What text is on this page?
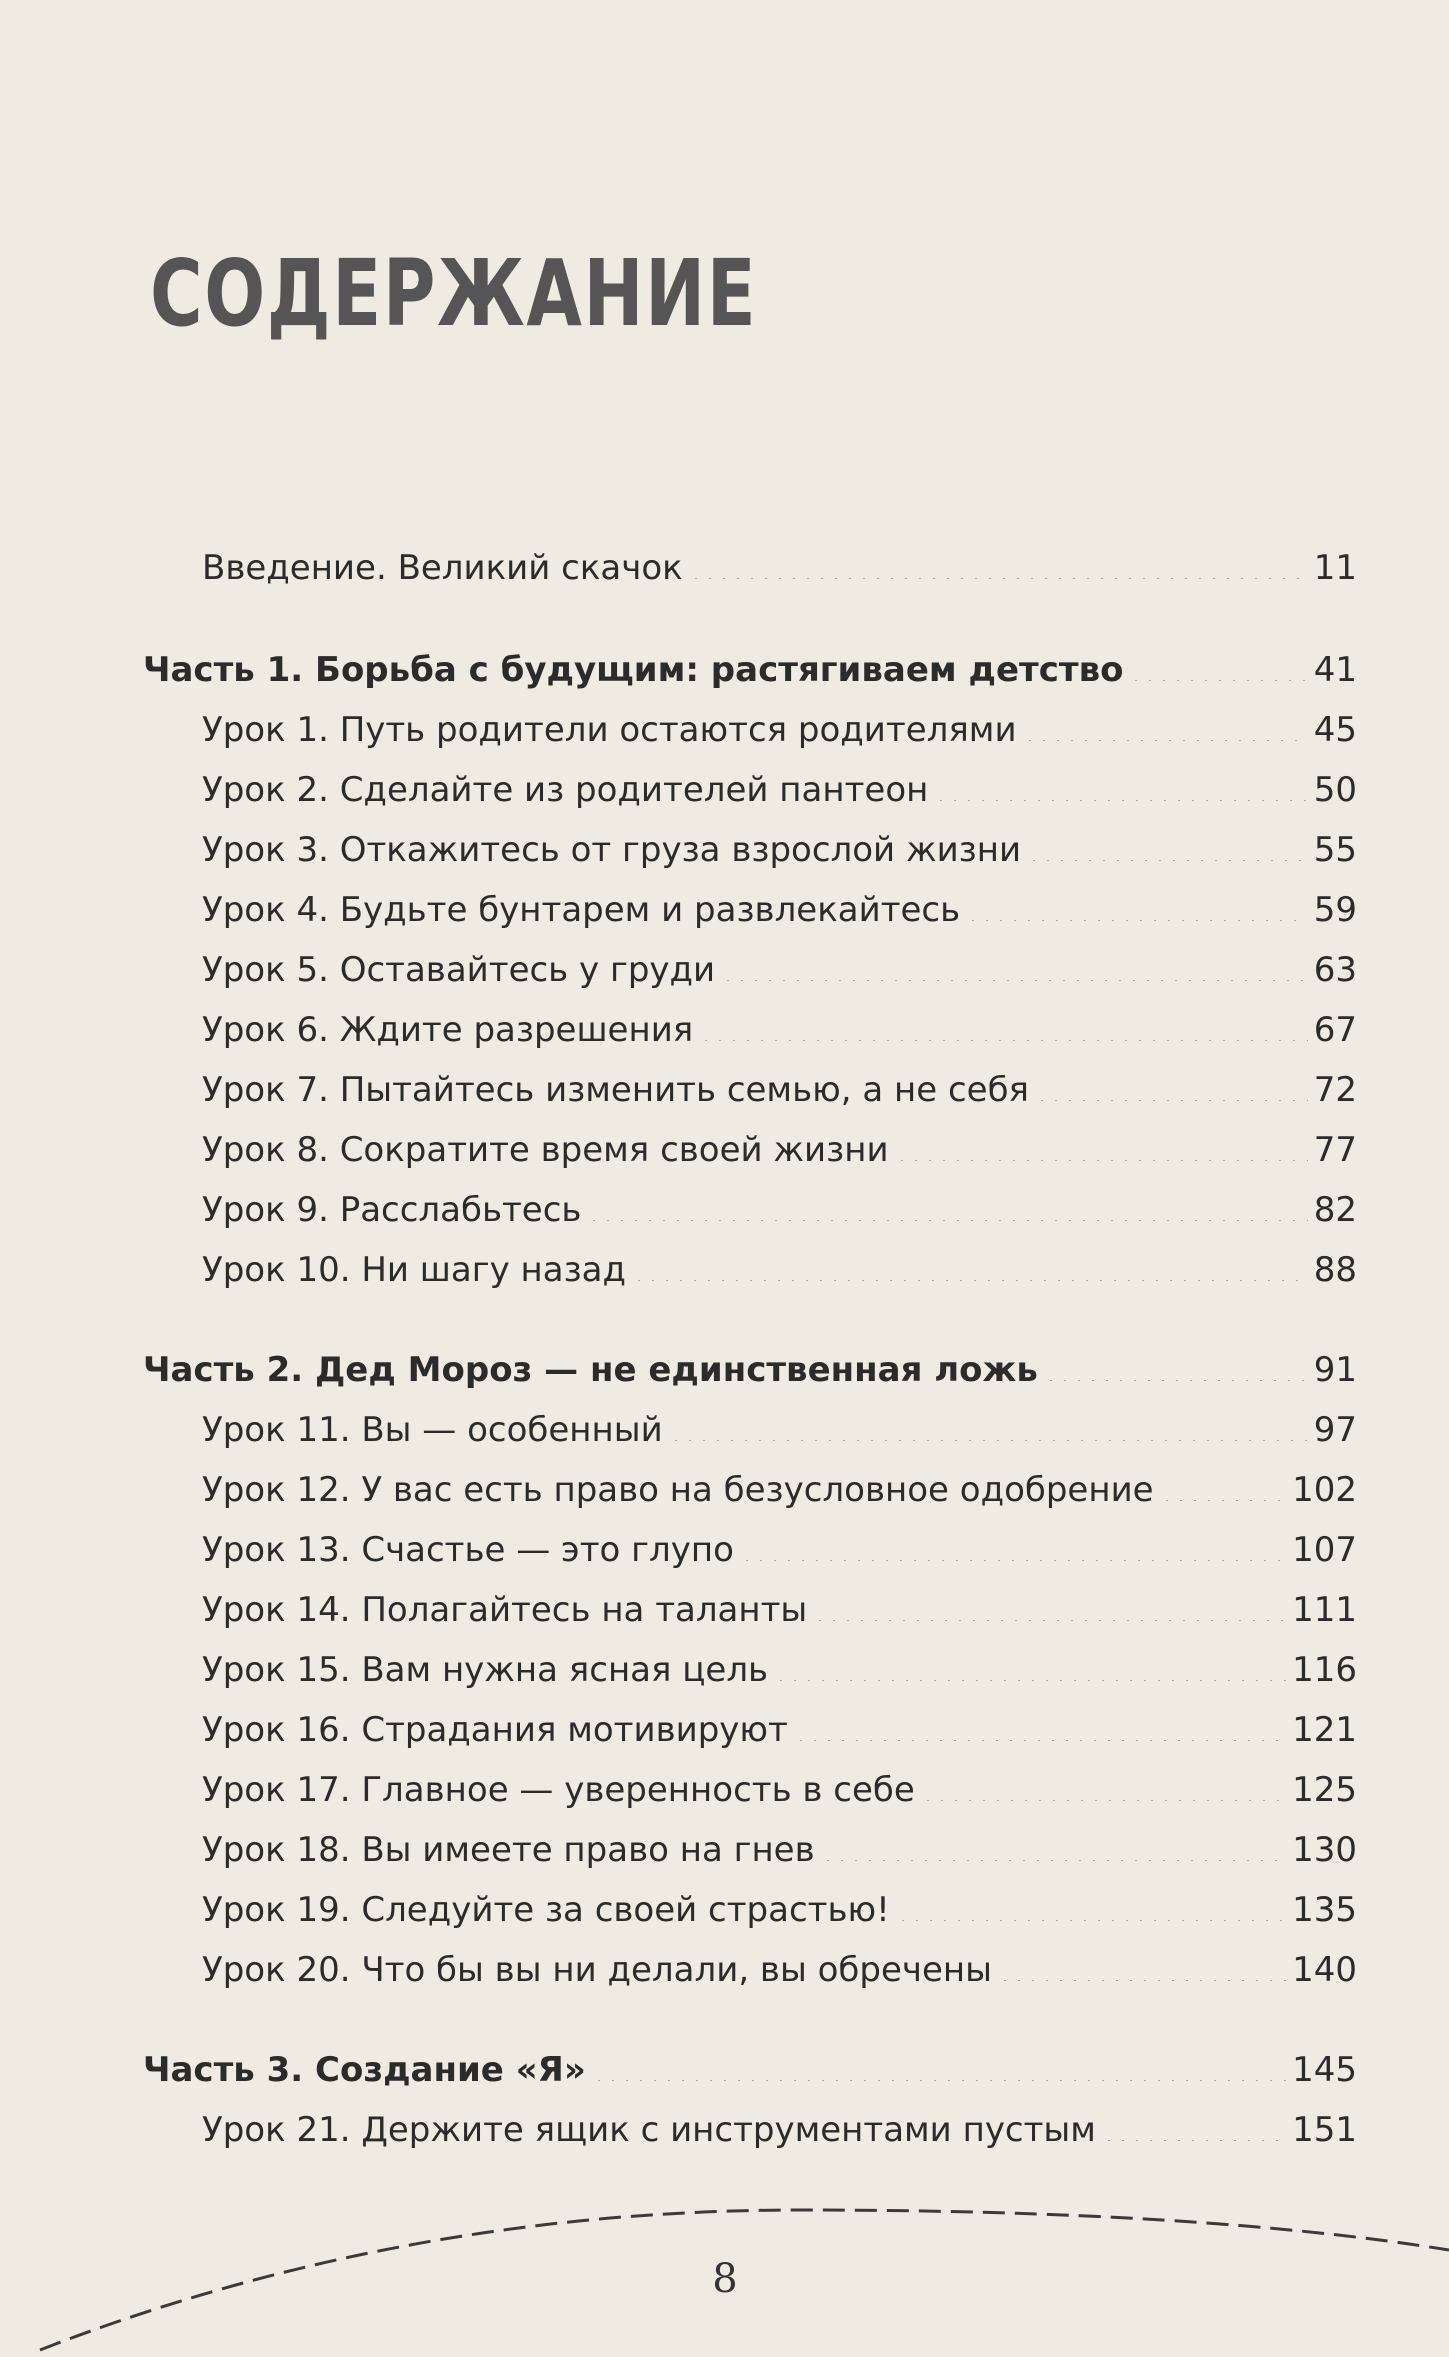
СОДЕРЖАНИЕ
Введение. Великий скачок	11
Часть 1. Борьба с будущим: растягиваем детство	41
Урок 1. Путь родители остаются родителями	45
Урок 2. Сделайте из родителей пантеон	50
Урок 3. Откажитесь от груза взрослой жизни	55
Урок 4. Будьте бунтарем и развлекайтесь	59
Урок 5. Оставайтесь у груди	63
Урок 6. Ждите разрешения	67
Урок 7. Пытайтесь изменить семью, а не себя	72
Урок 8. Сократите время своей жизни	77
Урок 9. Расслабьтесь	82
Урок 10. Ни шагу назад	88
Часть 2. Дед Мороз — не единственная ложь	91
Урок 11. Вы — особенный	97
Урок 12. У вас есть право на безусловное одобрение	102
Урок 13. Счастье — это глупо	107
Урок 14. Полагайтесь на таланты	111
Урок 15. Вам нужна ясная цель	116
Урок 16. Страдания мотивируют	121
Урок 17. Главное — уверенность в себе	125
Урок 18. Вы имеете право на гнев	130
Урок 19. Следуйте за своей страстью!	135
Урок 20. Что бы вы ни делали, вы обречены	140
Часть 3. Создание «Я»	145
Урок 21. Держите ящик с инструментами пустым	151
8
